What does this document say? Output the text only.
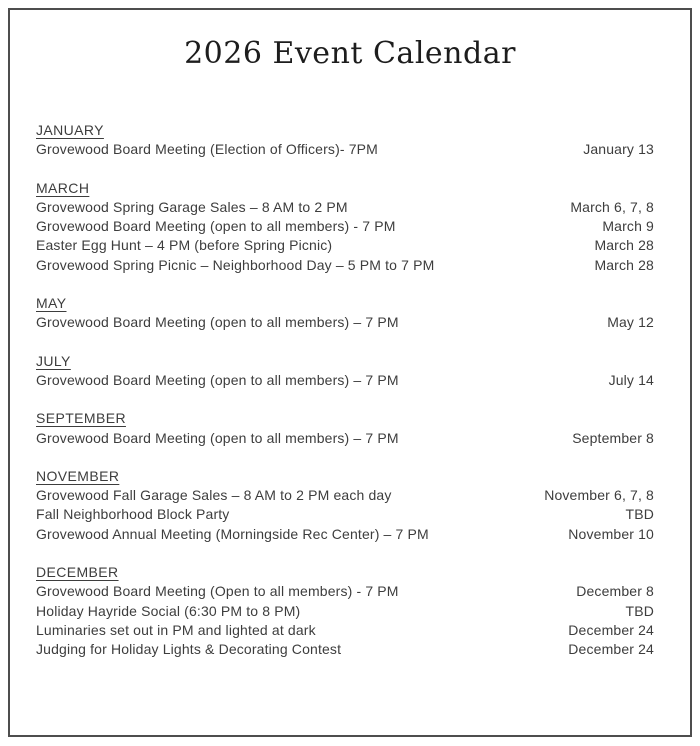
2026 Event Calendar
JANUARY
Grovewood Board Meeting (Election of Officers)- 7PM	January 13
MARCH
Grovewood Spring Garage Sales – 8 AM to 2 PM	March 6, 7, 8
Grovewood Board Meeting (open to all members) - 7 PM	March 9
Easter Egg Hunt – 4 PM (before Spring Picnic)	March 28
Grovewood Spring Picnic – Neighborhood Day – 5 PM to 7 PM	March 28
MAY
Grovewood Board Meeting (open to all members) – 7 PM	May 12
JULY
Grovewood Board Meeting (open to all members) – 7 PM	July 14
SEPTEMBER
Grovewood Board Meeting (open to all members) – 7 PM	September 8
NOVEMBER
Grovewood Fall Garage Sales – 8 AM to 2 PM each day	November 6, 7, 8
Fall Neighborhood Block Party	TBD
Grovewood Annual Meeting (Morningside Rec Center) – 7 PM	November 10
DECEMBER
Grovewood Board Meeting (Open to all members) - 7 PM	December 8
Holiday Hayride Social (6:30 PM to 8 PM)	TBD
Luminaries set out in PM and lighted at dark	December 24
Judging for Holiday Lights & Decorating Contest	December 24
